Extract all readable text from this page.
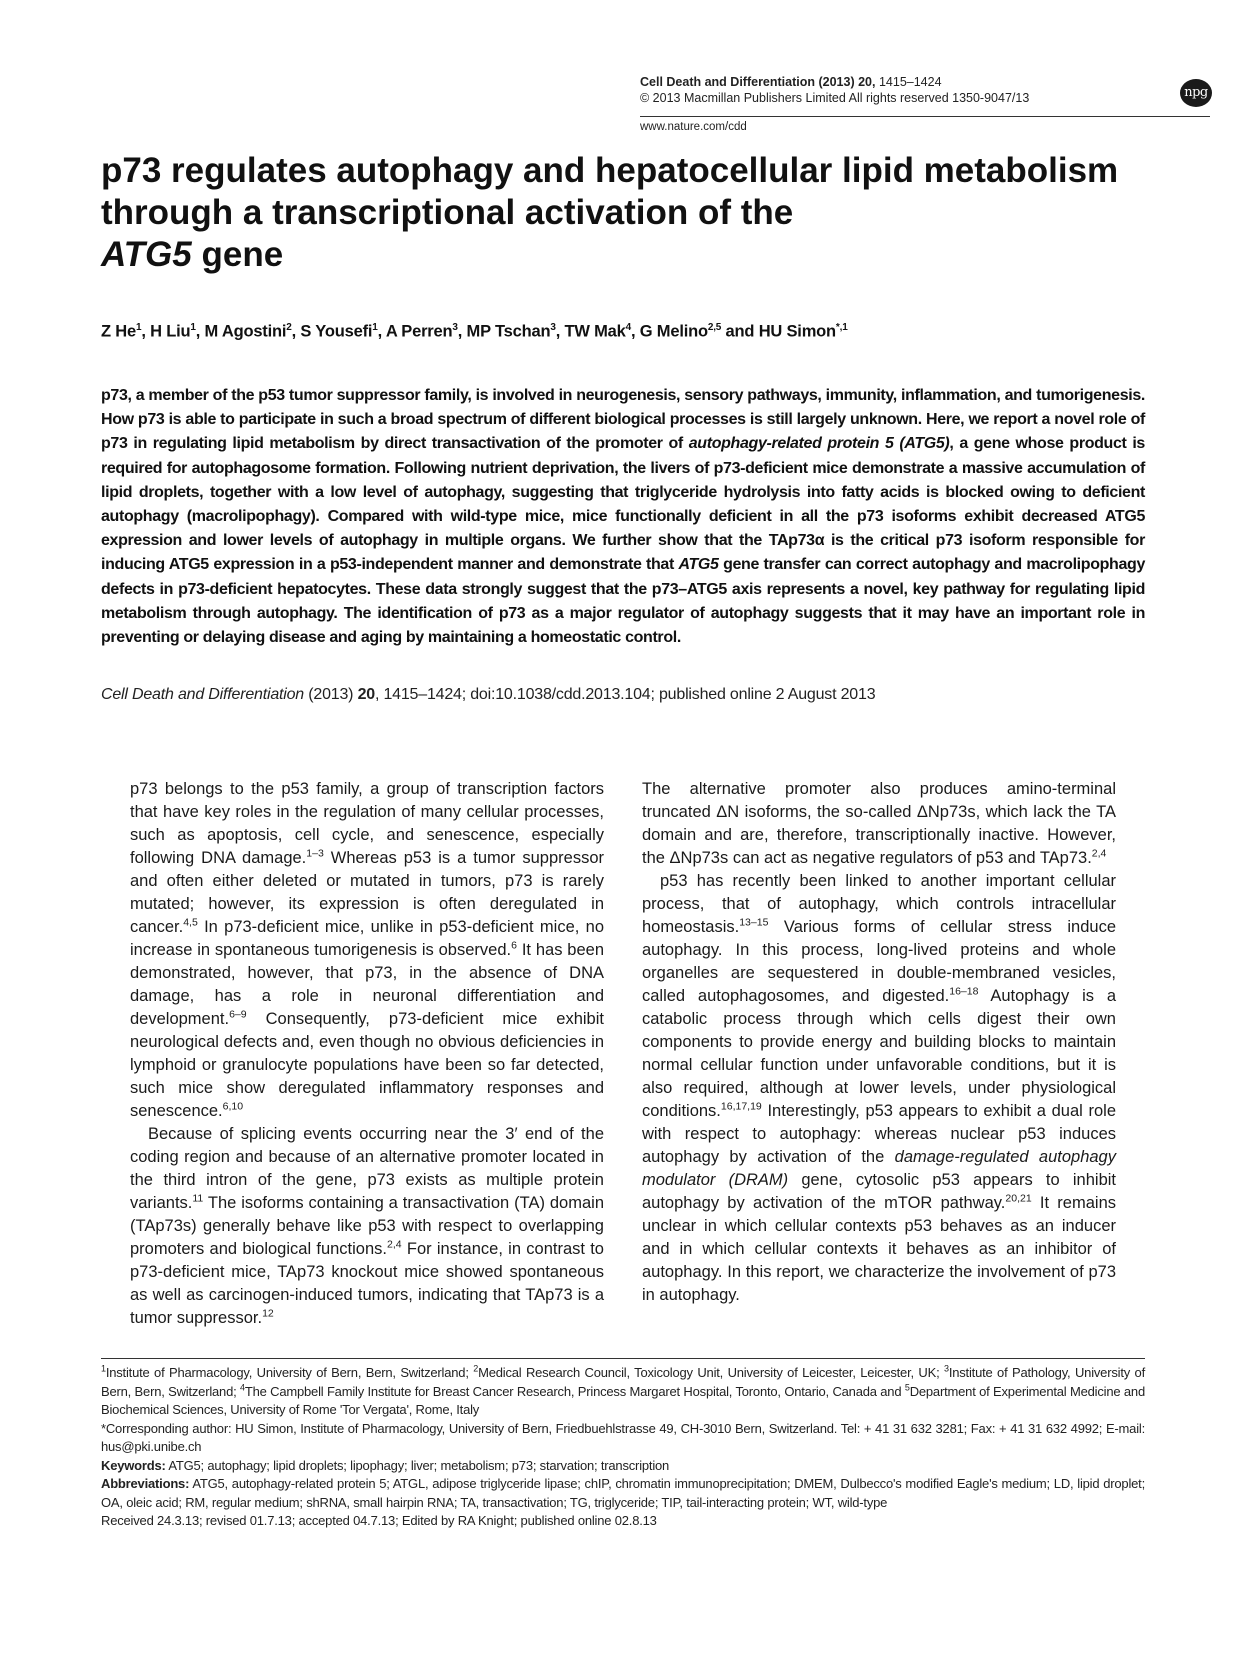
Cell Death and Differentiation (2013) 20, 1415–1424
© 2013 Macmillan Publishers Limited All rights reserved 1350-9047/13
www.nature.com/cdd
npg
p73 regulates autophagy and hepatocellular lipid metabolism through a transcriptional activation of the
ATG5 gene
Z He$^1$, H Liu$^1$, M Agostini$^2$, S Yousefi$^1$, A Perren$^3$, MP Tschan$^3$, TW Mak$^4$, G Melino$^{2,5}$ and HU Simon$^{*,1}$
p73, a member of the p53 tumor suppressor family, is involved in neurogenesis, sensory pathways, immunity, inflammation, and tumorigenesis. How p73 is able to participate in such a broad spectrum of different biological processes is still largely unknown. Here, we report a novel role of p73 in regulating lipid metabolism by direct transactivation of the promoter of autophagy-related protein 5 (ATG5), a gene whose product is required for autophagosome formation. Following nutrient deprivation, the livers of p73-deficient mice demonstrate a massive accumulation of lipid droplets, together with a low level of autophagy, suggesting that triglyceride hydrolysis into fatty acids is blocked owing to deficient autophagy (macrolipophagy). Compared with wild-type mice, mice functionally deficient in all the p73 isoforms exhibit decreased ATG5 expression and lower levels of autophagy in multiple organs. We further show that the TAp73α is the critical p73 isoform responsible for inducing ATG5 expression in a p53-independent manner and demonstrate that ATG5 gene transfer can correct autophagy and macrolipophagy defects in p73-deficient hepatocytes. These data strongly suggest that the p73–ATG5 axis represents a novel, key pathway for regulating lipid metabolism through autophagy. The identification of p73 as a major regulator of autophagy suggests that it may have an important role in preventing or delaying disease and aging by maintaining a homeostatic control.
Cell Death and Differentiation (2013) 20, 1415–1424; doi:10.1038/cdd.2013.104; published online 2 August 2013

p73 belongs to the p53 family, a group of transcription factors that have key roles in the regulation of many cellular processes, such as apoptosis, cell cycle, and senescence, especially following DNA damage.$^{1-3}$ Whereas p53 is a tumor suppressor and often either deleted or mutated in tumors, p73 is rarely mutated; however, its expression is often deregulated in cancer.$^{4,5}$ In p73-deficient mice, unlike in p53-deficient mice, no increase in spontaneous tumorigenesis is observed.$^6$ It has been demonstrated, however, that p73, in the absence of DNA damage, has a role in neuronal differentiation and development.$^{6-9}$ Consequently, p73-deficient mice exhibit neurological defects and, even though no obvious deficiencies in lymphoid or granulocyte populations have been so far detected, such mice show deregulated inflammatory responses and senescence.$^{6,10}$

Because of splicing events occurring near the 3′ end of the coding region and because of an alternative promoter located in the third intron of the gene, p73 exists as multiple protein variants.$^{11}$ The isoforms containing a transactivation (TA) domain (TAp73s) generally behave like p53 with respect to overlapping promoters and biological functions.$^{2,4}$ For instance, in contrast to p73-deficient mice, TAp73 knockout mice showed spontaneous as well as carcinogen-induced tumors, indicating that TAp73 is a tumor suppressor.$^{12}$

The alternative promoter also produces amino-terminal truncated ΔN isoforms, the so-called ΔNp73s, which lack the TA domain and are, therefore, transcriptionally inactive. However, the ΔNp73s can act as negative regulators of p53 and TAp73.$^{2,4}$

p53 has recently been linked to another important cellular process, that of autophagy, which controls intracellular homeostasis.$^{13-15}$ Various forms of cellular stress induce autophagy. In this process, long-lived proteins and whole organelles are sequestered in double-membraned vesicles, called autophagosomes, and digested.$^{16-18}$ Autophagy is a catabolic process through which cells digest their own components to provide energy and building blocks to maintain normal cellular function under unfavorable conditions, but it is also required, although at lower levels, under physiological conditions.$^{16,17,19}$ Interestingly, p53 appears to exhibit a dual role with respect to autophagy: whereas nuclear p53 induces autophagy by activation of the damage-regulated autophagy modulator (DRAM) gene, cytosolic p53 appears to inhibit autophagy by activation of the mTOR pathway.$^{20,21}$ It remains unclear in which cellular contexts p53 behaves as an inducer and in which cellular contexts it behaves as an inhibitor of autophagy. In this report, we characterize the involvement of p73 in autophagy.

$^1$Institute of Pharmacology, University of Bern, Bern, Switzerland; $^2$Medical Research Council, Toxicology Unit, University of Leicester, Leicester, UK; $^3$Institute of Pathology, University of Bern, Bern, Switzerland; $^4$The Campbell Family Institute for Breast Cancer Research, Princess Margaret Hospital, Toronto, Ontario, Canada and $^5$Department of Experimental Medicine and Biochemical Sciences, University of Rome 'Tor Vergata', Rome, Italy

*Corresponding author: HU Simon, Institute of Pharmacology, University of Bern, Friedbuehlstrasse 49, CH-3010 Bern, Switzerland. Tel: + 41 31 632 3281; Fax: + 41 31 632 4992; E-mail: hus@pki.unibe.ch

Keywords: ATG5; autophagy; lipid droplets; lipophagy; liver; metabolism; p73; starvation; transcription

Abbreviations: ATG5, autophagy-related protein 5; ATGL, adipose triglyceride lipase; chIP, chromatin immunoprecipitation; DMEM, Dulbecco's modified Eagle's medium; LD, lipid droplet; OA, oleic acid; RM, regular medium; shRNA, small hairpin RNA; TA, transactivation; TG, triglyceride; TIP, tail-interacting protein; WT, wild-type

Received 24.3.13; revised 01.7.13; accepted 04.7.13; Edited by RA Knight; published online 02.8.13
